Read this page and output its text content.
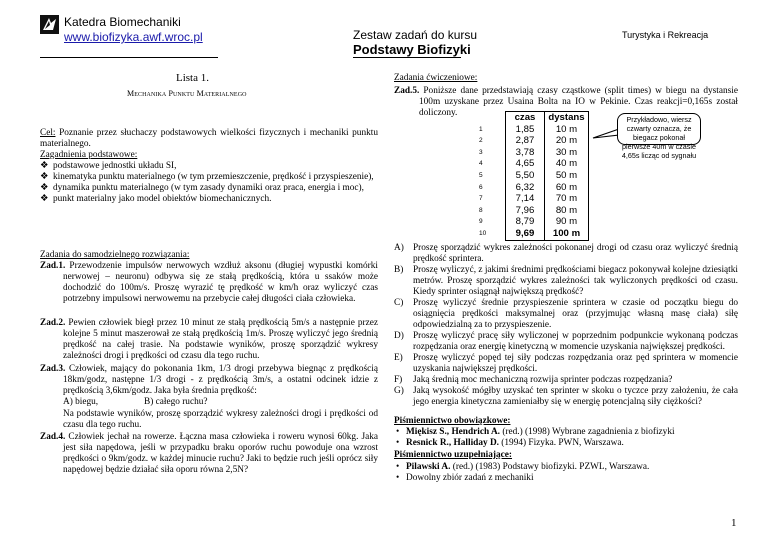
Katedra Biomechaniki
www.biofizyka.awf.wroc.pl	Zestaw zadań do kursu
Podstawy Biofizyki
Turystyka i Rekreacja
Lista 1.
Mechanika Punktu Materialnego
Cel: Poznanie przez słuchaczy podstawowych wielkości fizycznych i mechaniki punktu materialnego.
Zagadnienia podstawowe:
❖ podstawowe jednostki układu SI,
❖ kinematyka punktu materialnego (w tym przemieszczenie, prędkość i przyspieszenie),
❖ dynamika punktu materialnego (w tym zasady dynamiki oraz praca, energia i moc),
❖ punkt materialny jako model obiektów biomechanicznych.
Zadania do samodzielnego rozwiązania:

Zad.1. Przewodzenie impulsów nerwowych wzdłuż aksonu (długiej wypustki komórki nerwowej – neuronu) odbywa się ze stałą prędkością, która u ssaków może dochodzić do 100m/s. Proszę wyrazić tę prędkość w km/h oraz wyliczyć czas potrzebny impulsowi nerwowemu na przebycie całej długości ciała człowieka.

Zad.2. Pewien człowiek biegł przez 10 minut ze stałą prędkością 5m/s a następnie przez kolejne 5 minut maszerował ze stałą prędkością 1m/s. Proszę wyliczyć jego średnią prędkość na całej trasie. Na podstawie wyników, proszę sporządzić wykresy zależności drogi i prędkości od czasu dla tego ruchu.

Zad.3. Człowiek, mający do pokonania 1km, 1/3 drogi przebywa biegnąc z prędkością 18km/godz, następne 1/3 drogi - z prędkością 3m/s, a ostatni odcinek idzie z prędkością 3,6km/godz. Jaka była średnia prędkość:

A) biegu,	B) całego ruchu?

Na podstawie wyników, proszę sporządzić wykresy zależności drogi i prędkości od czasu dla tego ruchu.

Zad.4. Człowiek jechał na rowerze. Łączna masa człowieka i roweru wynosi 60kg. Jaka jest siła napędowa, jeśli w przypadku braku oporów ruchu powoduje ona wzrost prędkości o 9km/godz. w każdej minucie ruchu? Jaki to będzie ruch jeśli oprócz siły napędowej będzie działać siła oporu równa 2,5N?

Zadania ćwiczeniowe:

Zad.5. Poniższe dane przedstawiają czasy cząstkowe (split times) w biegu na dystansie 100m uzyskane przez Usaina Bolta na IO w Pekinie. Czas reakcji=0,165s został doliczony.

		czas	dystans
1	1,85	10 m
2	2,87	20 m
3	3,78	30 m
4	4,65	40 m
5	5,50	50 m
6	6,32	60 m
7	7,14	70 m
8	7,96	80 m
9	8,79	90 m
10	9,69	100 m
Przykładowo, wiersz czwarty oznacza, że biegacz pokonał pierwsze 40m w czasie 4,65s licząc od sygnału

A) Proszę sporządzić wykres zależności pokonanej drogi od czasu oraz wyliczyć średnią prędkość sprintera.

B) Proszę wyliczyć, z jakimi średnimi prędkościami biegacz pokonywał kolejne dziesiątki metrów. Proszę sporządzić wykres zależności tak wyliczonych prędkości od czasu. Kiedy sprinter osiągnął największą prędkość?

C) Proszę wyliczyć średnie przyspieszenie sprintera w czasie od początku biegu do osiągnięcia prędkości maksymalnej oraz (przyjmując własną masę ciała) siłę odpowiedzialną za to przyspieszenie.

D) Proszę wyliczyć pracę siły wyliczonej w poprzednim podpunkcie wykonaną podczas rozpędzania oraz energię kinetyczną w momencie uzyskania największej prędkości.

E) Proszę wyliczyć popęd tej siły podczas rozpędzania oraz pęd sprintera w momencie uzyskania największej prędkości.

F) Jaką średnią moc mechaniczną rozwija sprinter podczas rozpędzania?

G) Jaką wysokość mógłby uzyskać ten sprinter w skoku o tyczce przy założeniu, że cała jego energia kinetyczna zamieniałby się w energię potencjalną siły ciężkości?

Piśmiennictwo obowiązkowe:
• Miękisz S., Hendrich A. (red.) (1998) Wybrane zagadnienia z biofizyki
• Resnick R., Halliday D. (1994) Fizyka. PWN, Warszawa.
Piśmiennictwo uzupełniające:
• Pilawski A. (red.) (1983) Podstawy biofizyki. PZWL, Warszawa.
• Dowolny zbiór zadań z mechaniki
1
